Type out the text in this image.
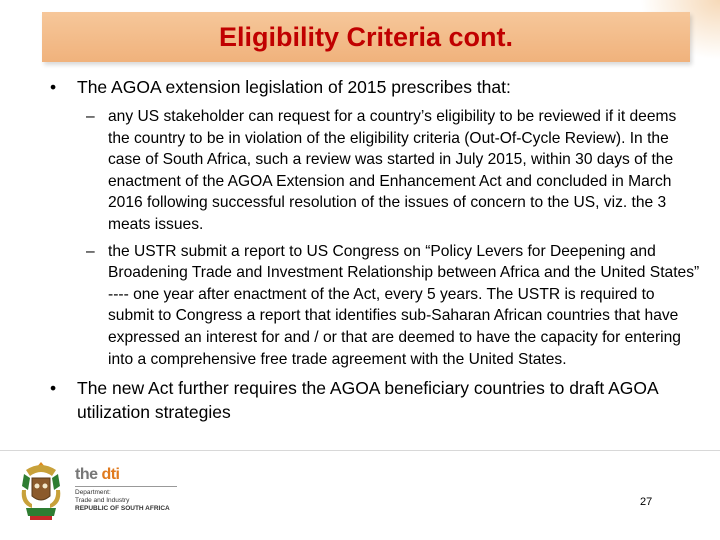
Eligibility Criteria cont.
• The AGOA extension legislation of 2015 prescribes that:
– any US stakeholder can request for a country’s eligibility to be reviewed if it deems the country to be in violation of the eligibility criteria (Out-Of-Cycle Review). In the case of South Africa, such a review was started in July 2015, within 30 days of the enactment of the AGOA Extension and Enhancement Act and concluded in March 2016 following successful resolution of the issues of concern to the US, viz. the 3 meats issues.
– the USTR submit a report to US Congress on “Policy Levers for Deepening and Broadening Trade and Investment Relationship between Africa and the United States” ---- one year after enactment of the Act, every 5 years. The USTR is required to submit to Congress a report that identifies sub-Saharan African countries that have expressed an interest for and / or that are deemed to have the capacity for entering into a comprehensive free trade agreement with the United States.
• The new Act further requires the AGOA beneficiary countries to draft AGOA utilization strategies
the dti
Department:
Trade and Industry
REPUBLIC OF SOUTH AFRICA
27
